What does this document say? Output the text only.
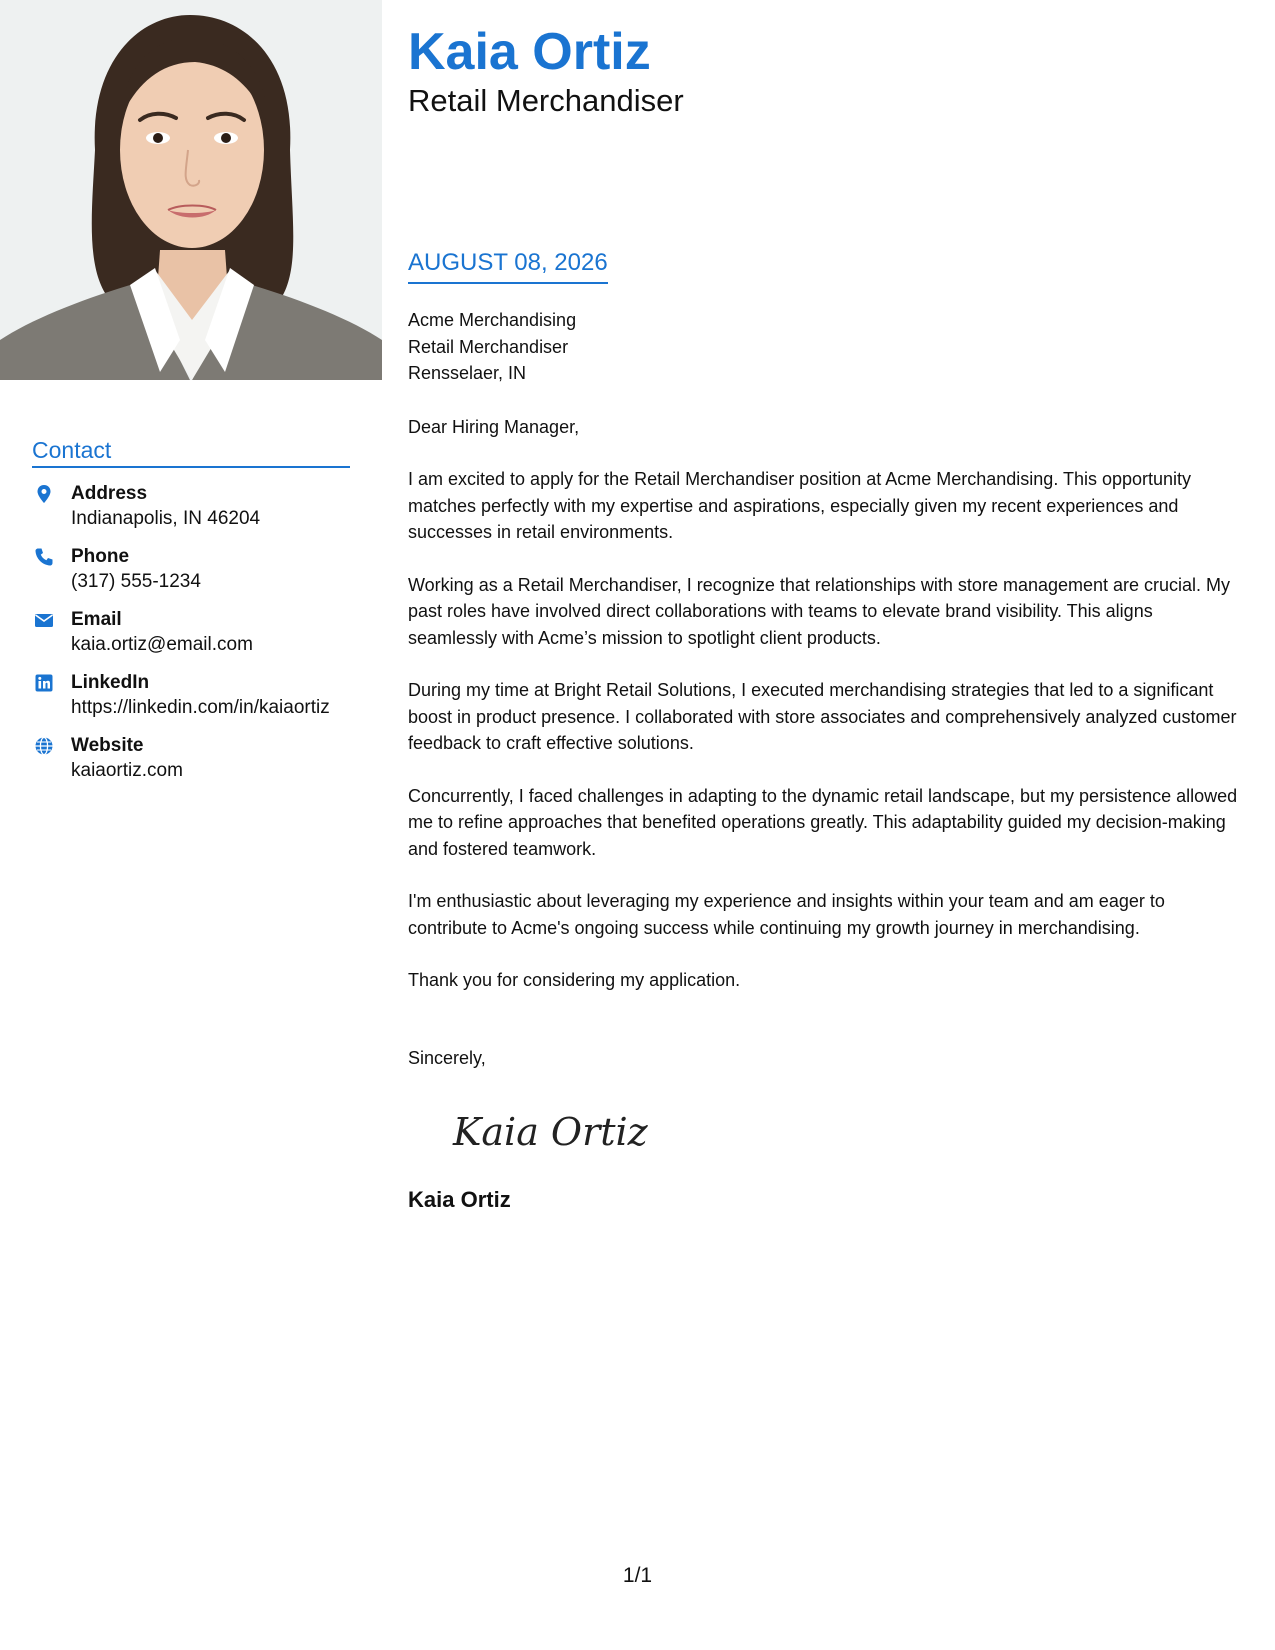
Contact
Address
Indianapolis, IN 46204
Phone
(317) 555-1234
Email
kaia.ortiz@email.com
LinkedIn
https://linkedin.com/in/kaiaortiz
Website
kaiaortiz.com
Kaia Ortiz
Retail Merchandiser
AUGUST 08, 2026
Acme Merchandising
Retail Merchandiser
Rensselaer, IN
Dear Hiring Manager,

I am excited to apply for the Retail Merchandiser position at Acme Merchandising. This opportunity matches perfectly with my expertise and aspirations, especially given my recent experiences and successes in retail environments.

Working as a Retail Merchandiser, I recognize that relationships with store management are crucial. My past roles have involved direct collaborations with teams to elevate brand visibility. This aligns seamlessly with Acme’s mission to spotlight client products.

During my time at Bright Retail Solutions, I executed merchandising strategies that led to a significant boost in product presence. I collaborated with store associates and comprehensively analyzed customer feedback to craft effective solutions.

Concurrently, I faced challenges in adapting to the dynamic retail landscape, but my persistence allowed me to refine approaches that benefited operations greatly. This adaptability guided my decision-making and fostered teamwork.

I'm enthusiastic about leveraging my experience and insights within your team and am eager to contribute to Acme's ongoing success while continuing my growth journey in merchandising.

Thank you for considering my application.

Sincerely,
Kaia Ortiz
Kaia Ortiz
1/1
